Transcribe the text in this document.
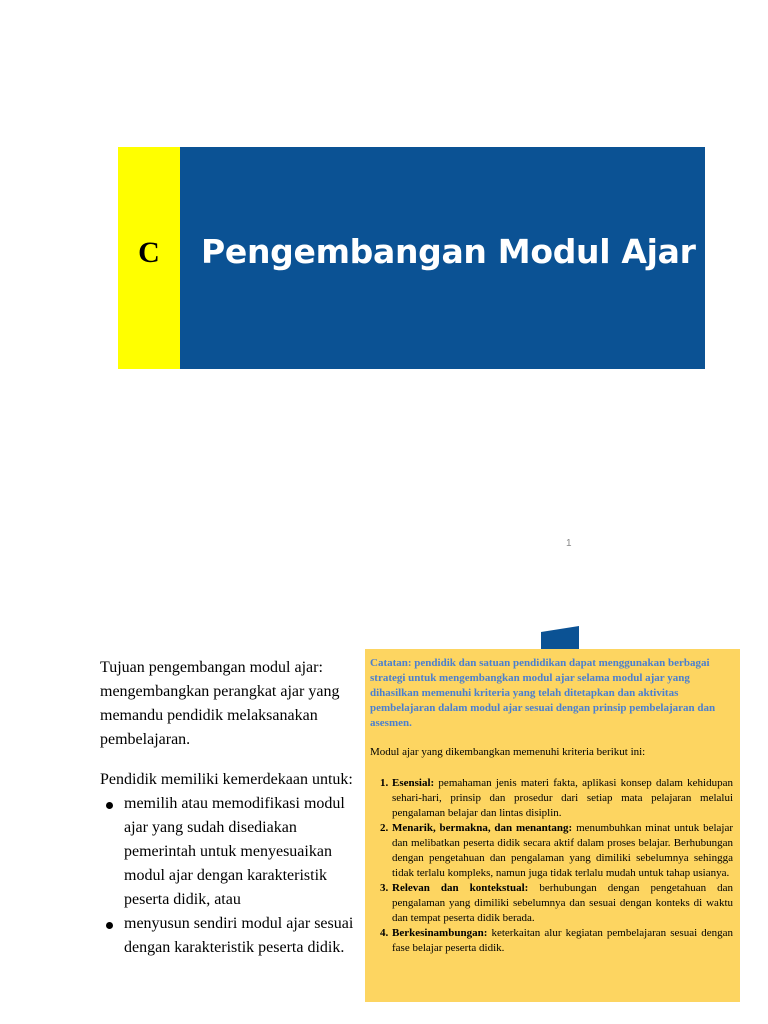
C Pengembangan Modul Ajar
1

Tujuan pengembangan modul ajar: mengembangkan perangkat ajar yang memandu pendidik melaksanakan pembelajaran.

Pendidik memiliki kemerdekaan untuk:

memilih atau memodifikasi modul ajar yang sudah disediakan pemerintah untuk menyesuaikan modul ajar dengan karakteristik peserta didik, atau
menyusun sendiri modul ajar sesuai dengan karakteristik peserta didik.

Catatan: pendidik dan satuan pendidikan dapat menggunakan berbagai strategi untuk mengembangkan modul ajar selama modul ajar yang dihasilkan memenuhi kriteria yang telah ditetapkan dan aktivitas pembelajaran dalam modul ajar sesuai dengan prinsip pembelajaran dan asesmen.

Modul ajar yang dikembangkan memenuhi kriteria berikut ini:

1. Esensial: pemahaman jenis materi fakta, aplikasi konsep dalam kehidupan sehari-hari, prinsip dan prosedur dari setiap mata pelajaran melalui pengalaman belajar dan lintas disiplin.
2. Menarik, bermakna, dan menantang: menumbuhkan minat untuk belajar dan melibatkan peserta didik secara aktif dalam proses belajar. Berhubungan dengan pengetahuan dan pengalaman yang dimiliki sebelumnya sehingga tidak terlalu kompleks, namun juga tidak terlalu mudah untuk tahap usianya.
3. Relevan dan kontekstual: berhubungan dengan pengetahuan dan pengalaman yang dimiliki sebelumnya dan sesuai dengan konteks di waktu dan tempat peserta didik berada.
4. Berkesinambungan: keterkaitan alur kegiatan pembelajaran sesuai dengan fase belajar peserta didik.
